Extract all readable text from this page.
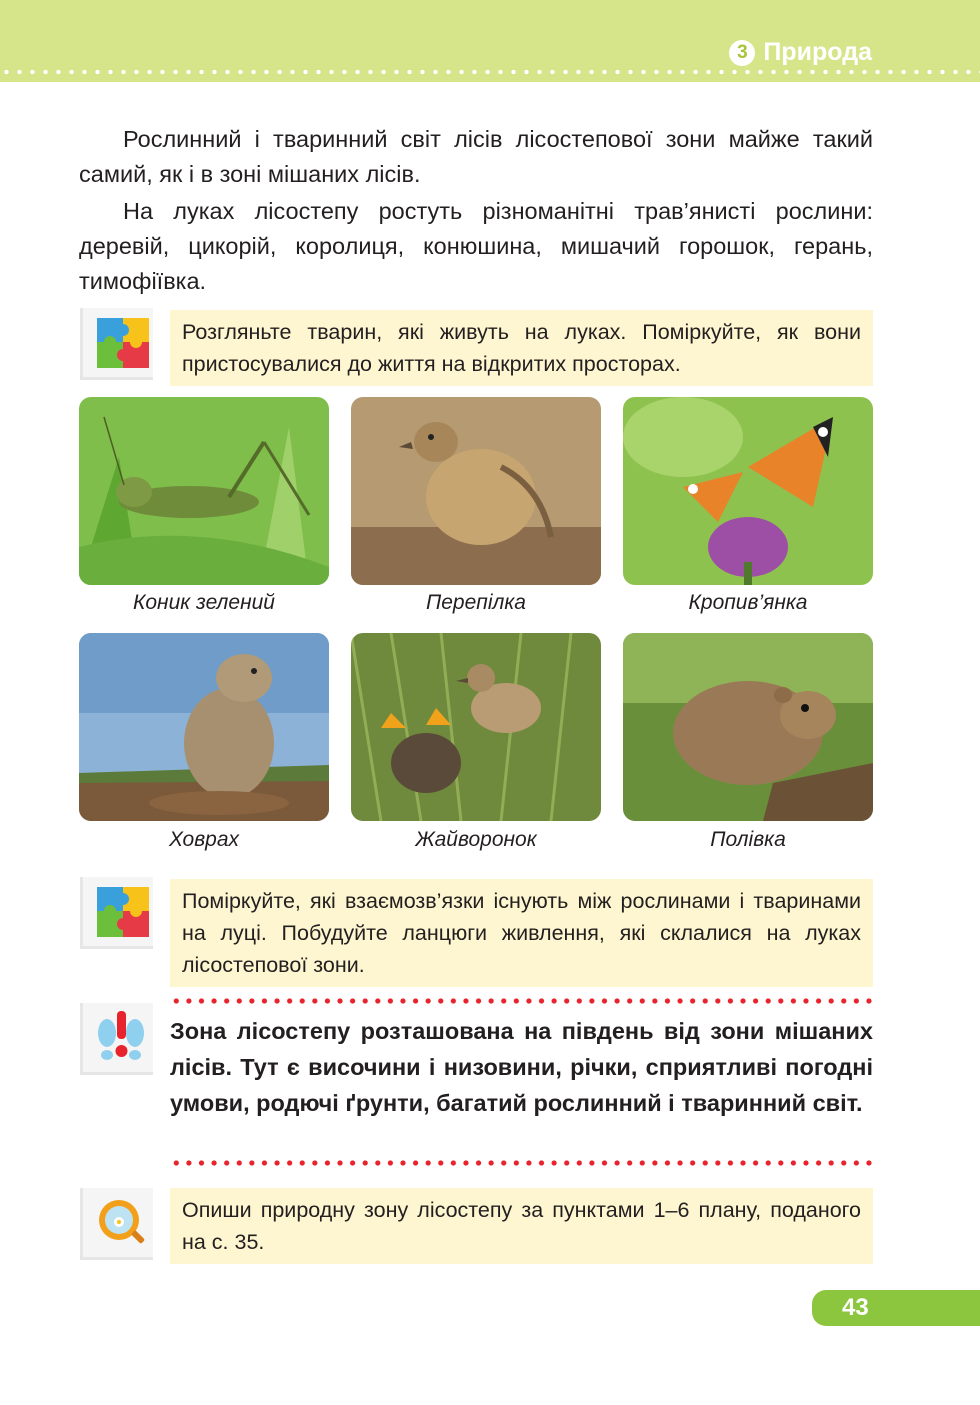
3 Природа
Рослинний і тваринний світ лісів лісостепової зони майже такий самий, як і в зоні мішаних лісів.
На луках лісостепу ростуть різноманітні трав’янисті рослини: деревій, цикорій, королиця, конюшина, мишачий горошок, герань, тимофіївка.
Розгляньте тварин, які живуть на луках. Поміркуйте, як вони пристосувалися до життя на відкритих просторах.
Коник зелений	Перепілка	Кропив’янка
Ховрах	Жайворонок	Полівка
Поміркуйте, які взаємозв’язки існують між рослинами і тваринами на луці. Побудуйте ланцюги живлення, які склалися на луках лісостепової зони.
Зона лісостепу розташована на південь від зони мішаних лісів. Тут є височини і низовини, річки, сприятливі погодні умови, родючі ґрунти, багатий рослинний і тваринний світ.
Опиши природну зону лісостепу за пунктами 1–6 плану, поданого на с. 35.
43
